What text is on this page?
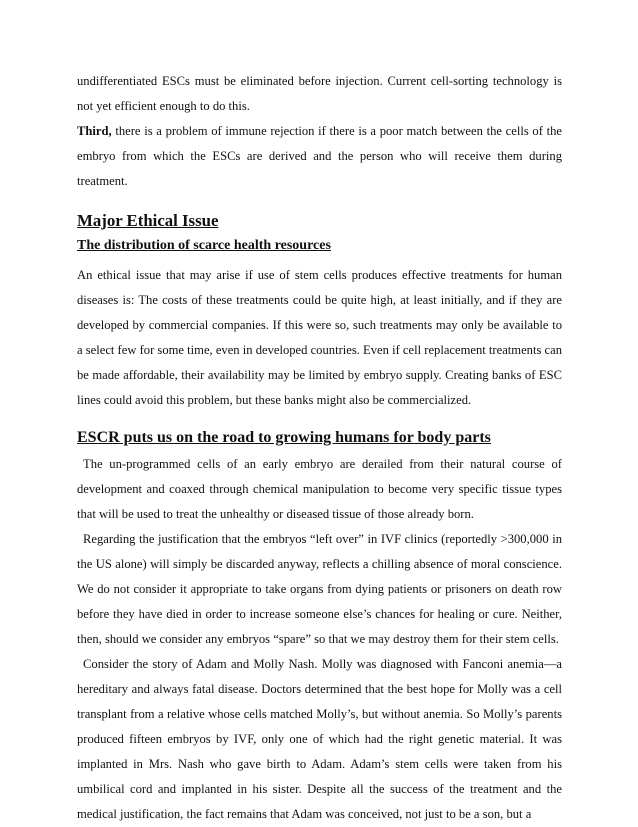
undifferentiated ESCs must be eliminated before injection. Current cell-sorting technology is not yet efficient enough to do this.

Third, there is a problem of immune rejection if there is a poor match between the cells of the embryo from which the ESCs are derived and the person who will receive them during treatment.

Major Ethical Issue
The distribution of scarce health resources

An ethical issue that may arise if use of stem cells produces effective treatments for human diseases is: The costs of these treatments could be quite high, at least initially, and if they are developed by commercial companies. If this were so, such treatments may only be available to a select few for some time, even in developed countries. Even if cell replacement treatments can be made affordable, their availability may be limited by embryo supply. Creating banks of ESC lines could avoid this problem, but these banks might also be commercialized.

ESCR puts us on the road to growing humans for body parts

The un-programmed cells of an early embryo are derailed from their natural course of development and coaxed through chemical manipulation to become very specific tissue types that will be used to treat the unhealthy or diseased tissue of those already born.

Regarding the justification that the embryos “left over” in IVF clinics (reportedly >300,000 in the US alone) will simply be discarded anyway, reflects a chilling absence of moral conscience. We do not consider it appropriate to take organs from dying patients or prisoners on death row before they have died in order to increase someone else’s chances for healing or cure. Neither, then, should we consider any embryos “spare” so that we may destroy them for their stem cells.

Consider the story of Adam and Molly Nash. Molly was diagnosed with Fanconi anemia—a hereditary and always fatal disease. Doctors determined that the best hope for Molly was a cell transplant from a relative whose cells matched Molly’s, but without anemia. So Molly’s parents produced fifteen embryos by IVF, only one of which had the right genetic material. It was implanted in Mrs. Nash who gave birth to Adam. Adam’s stem cells were taken from his umbilical cord and implanted in his sister. Despite all the success of the treatment and the medical justification, the fact remains that Adam was conceived, not just to be a son, but a
